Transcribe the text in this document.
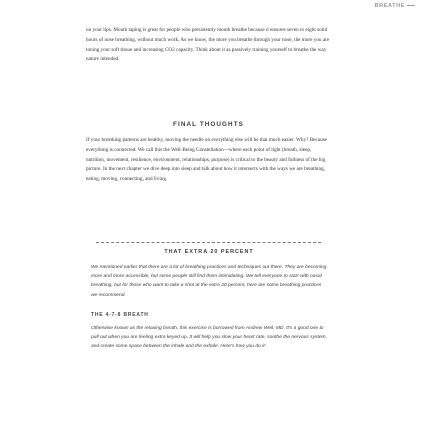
BREATHE

on your lips. Mouth taping is great for people who persistently mouth breathe because it ensures seven to eight solid hours of nose breathing, without much work. As we know, the more you breathe through your nose, the more you are toning your soft tissue and increasing CO2 capacity. Think about it as passively training yourself to breathe the way nature intended.

FINAL THOUGHTS

If your breathing patterns are healthy, moving the needle on everything else will be that much easier. Why? Because everything is connected. We call this the Well-Being Constellation—where each point of light (breath, sleep, nutrition, movement, resilience, environment, relationships, purpose) is critical to the beauty and fullness of the big picture. In the next chapter we dive deep into sleep and talk about how it intersects with the ways we are breathing, eating, moving, connecting, and living.

THAT EXTRA 20 PERCENT

We mentioned earlier that there are a lot of breathing practices and techniques out there. They are becoming more and more accessible, but some people still find them intimidating. We tell everyone to start with nasal breathing, but for those who want to take a shot at the extra 20 percent, here are some breathing practices we recommend.

THE 4-7-8 BREATH

Otherwise known as the relaxing breath, this exercise is borrowed from Andrew Weil, MD. It's a good one to pull out when you are feeling extra keyed up. It will help you slow your heart rate, soothe the nervous system, and create some space between the inhale and the exhale. Here's how you do it:
